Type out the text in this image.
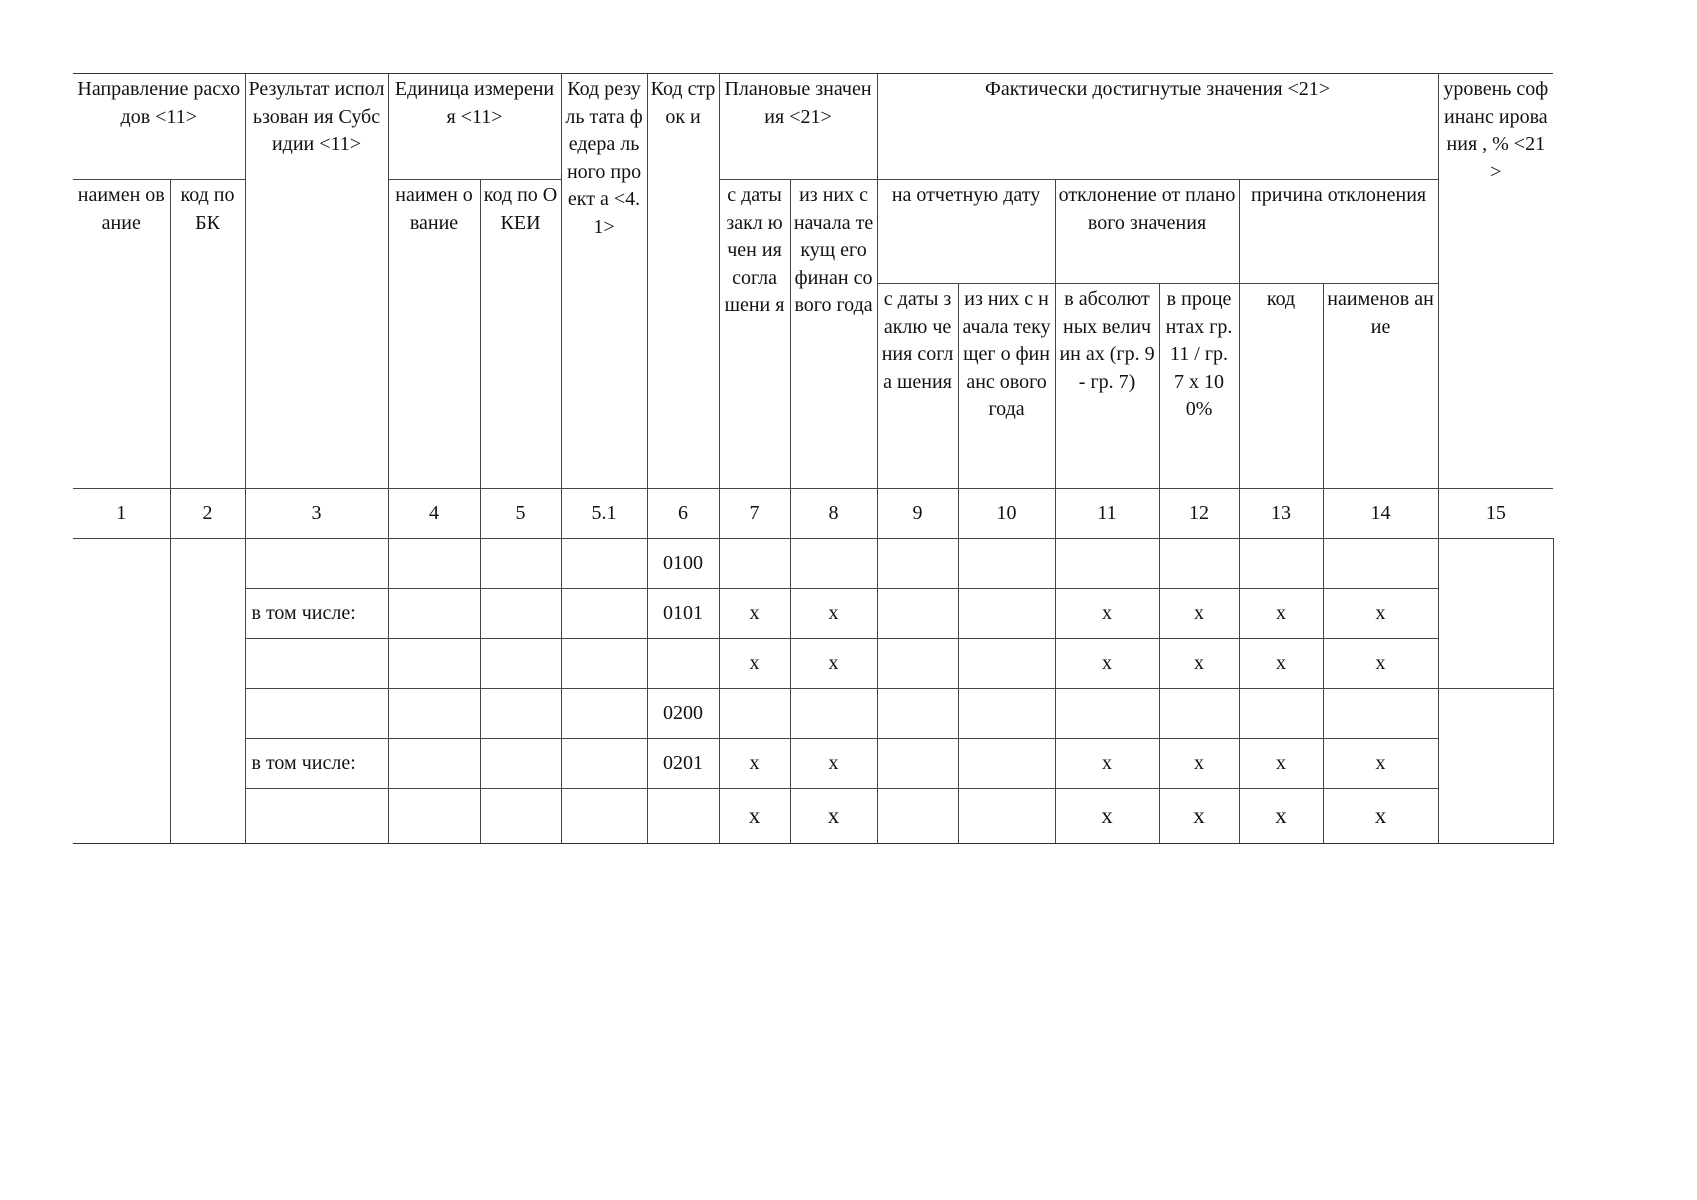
Направление расходов <11>		Результат использован ия Субсидии <11>	Единица измерения <11>		Код резуль тата федера льного проект а <4.1>	Код строк и	Плановые значения <21>		Фактически достигнутые значения <21>						уровень софинанс ирования , % <21>
наимен ование	код по БК		наимен ование	код по ОКЕИ			с даты закл ючен ия согла шени я	из них с начала текущ его финан сового года	на отчетную дату		отклонение от планового значения		причина отклонения		
									с даты заклю чения согла шения	из них с начала текущег о финанс ового года	в абсолют ных величин ах (гр. 9 - гр. 7)	в проце нтах гр. 11 / гр. 7 x 100%	код	наименов ание	
1	2	3	4	5	5.1	6	7	8	9	10	11	12	13	14	15
						0100									
		в том числе:				0101	x	x			x	x	x	x	
							x	x			x	x	x	x	
						0200									
		в том числе:				0201	x	x			x	x	x	x	
							x	x			x	x	x	x	
